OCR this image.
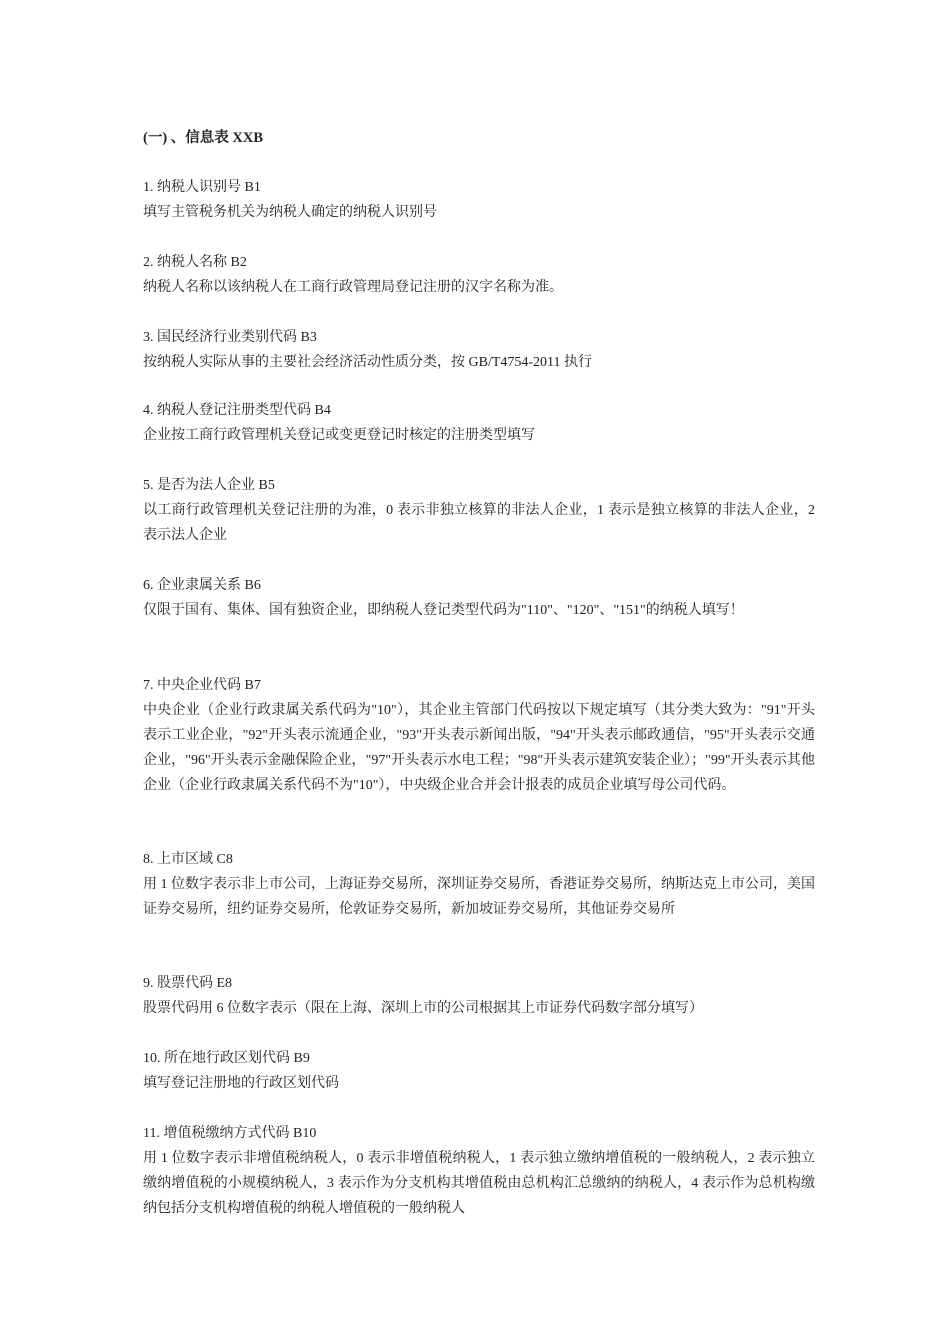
(一) 、信息表 XXB
1. 纳税人识别号 B1
填写主管税务机关为纳税人确定的纳税人识别号
2. 纳税人名称 B2
纳税人名称以该纳税人在工商行政管理局登记注册的汉字名称为准。
3. 国民经济行业类别代码 B3
按纳税人实际从事的主要社会经济活动性质分类，按 GB/T4754-2011 执行
4. 纳税人登记注册类型代码 B4
企业按工商行政管理机关登记或变更登记时核定的注册类型填写
5. 是否为法人企业 B5
以工商行政管理机关登记注册的为准，0 表示非独立核算的非法人企业，1 表示是独立核算的非法人企业，2 表示法人企业
6. 企业隶属关系 B6
仅限于国有、集体、国有独资企业，即纳税人登记类型代码为"110"、"120"、"151"的纳税人填写！
7. 中央企业代码 B7
中央企业（企业行政隶属关系代码为"10"），其企业主管部门代码按以下规定填写（其分类大致为："91"开头表示工业企业，"92"开头表示流通企业，"93"开头表示新闻出版，"94"开头表示邮政通信，"95"开头表示交通企业，"96"开头表示金融保险企业，"97"开头表示水电工程；"98"开头表示建筑安装企业）；"99"开头表示其他企业（企业行政隶属关系代码不为"10"），中央级企业合并会计报表的成员企业填写母公司代码。
8. 上市区域 C8
用 1 位数字表示非上市公司，上海证券交易所，深圳证券交易所，香港证券交易所，纳斯达克上市公司，美国证券交易所，纽约证券交易所，伦敦证券交易所，新加坡证券交易所，其他证券交易所
9. 股票代码 E8
股票代码用 6 位数字表示（限在上海、深圳上市的公司根据其上市证券代码数字部分填写）
10. 所在地行政区划代码 B9
填写登记注册地的行政区划代码
11. 增值税缴纳方式代码 B10
用 1 位数字表示非增值税纳税人，0 表示非增值税纳税人，1 表示独立缴纳增值税的一般纳税人，2 表示独立缴纳增值税的小规模纳税人，3 表示作为分支机构其增值税由总机构汇总缴纳的纳税人，4 表示作为总机构缴纳包括分支机构增值税的纳税人增值税的一般纳税人
